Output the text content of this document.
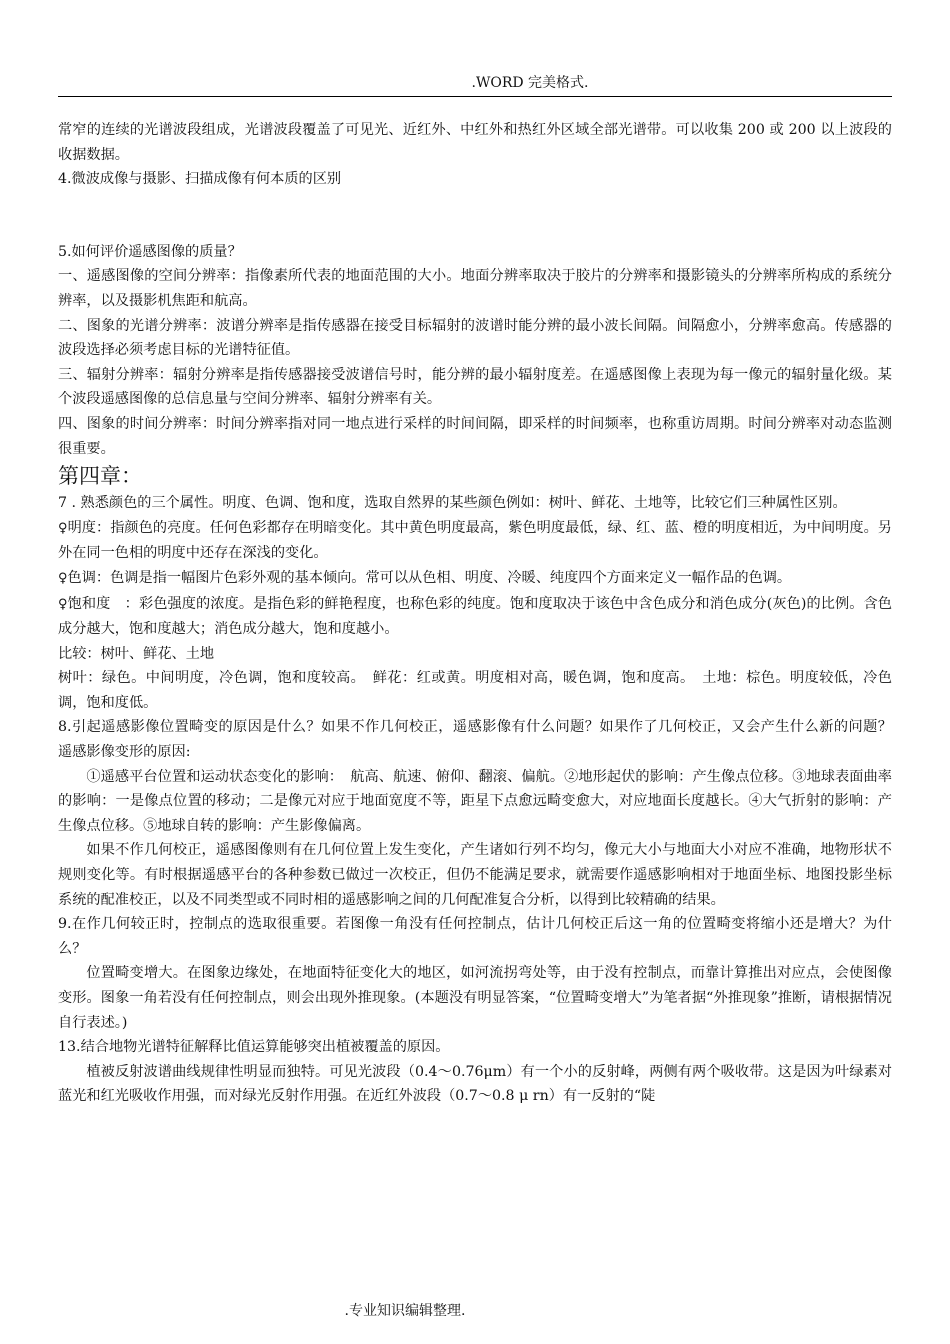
.WORD 完美格式.

常窄的连续的光谱波段组成，光谱波段覆盖了可见光、近红外、中红外和热红外区域全部光谱带。可以收集 200 或 200 以上波段的收据数据。

4.微波成像与摄影、扫描成像有何本质的区别

5.如何评价遥感图像的质量？

一、遥感图像的空间分辨率：指像素所代表的地面范围的大小。地面分辨率取决于胶片的分辨率和摄影镜头的分辨率所构成的系统分辨率，以及摄影机焦距和航高。

二、图象的光谱分辨率：波谱分辨率是指传感器在接受目标辐射的波谱时能分辨的最小波长间隔。间隔愈小，分辨率愈高。传感器的波段选择必须考虑目标的光谱特征值。

三、辐射分辨率：辐射分辨率是指传感器接受波谱信号时，能分辨的最小辐射度差。在遥感图像上表现为每一像元的辐射量化级。某个波段遥感图像的总信息量与空间分辨率、辐射分辨率有关。

四、图象的时间分辨率：时间分辨率指对同一地点进行采样的时间间隔，即采样的时间频率，也称重访周期。时间分辨率对动态监测很重要。

第四章：

7 . 熟悉颜色的三个属性。明度、色调、饱和度，选取自然界的某些颜色例如：树叶、鲜花、土地等，比较它们三种属性区别。

♀明度：指颜色的亮度。任何色彩都存在明暗变化。其中黄色明度最高，紫色明度最低，绿、红、蓝、橙的明度相近，为中间明度。另外在同一色相的明度中还存在深浅的变化。

♀色调：色调是指一幅图片色彩外观的基本倾向。常可以从色相、明度、冷暖、纯度四个方面来定义一幅作品的色调。

♀饱和度　：彩色强度的浓度。是指色彩的鲜艳程度，也称色彩的纯度。饱和度取决于该色中含色成分和消色成分(灰色)的比例。含色成分越大，饱和度越大；消色成分越大，饱和度越小。

比较：树叶、鲜花、土地

树叶：绿色。中间明度，冷色调，饱和度较高。　鲜花：红或黄。明度相对高，暖色调，饱和度高。　土地：棕色。明度较低，冷色调，饱和度低。

8.引起遥感影像位置畸变的原因是什么？如果不作几何校正，遥感影像有什么问题？如果作了几何校正，又会产生什么新的问题？　遥感影像变形的原因:

①遥感平台位置和运动状态变化的影响：　航高、航速、俯仰、翻滚、偏航。②地形起伏的影响：产生像点位移。③地球表面曲率的影响：一是像点位置的移动；二是像元对应于地面宽度不等，距星下点愈远畸变愈大，对应地面长度越长。④大气折射的影响：产生像点位移。⑤地球自转的影响：产生影像偏离。

如果不作几何校正，遥感图像则有在几何位置上发生变化，产生诸如行列不均匀，像元大小与地面大小对应不准确，地物形状不规则变化等。有时根据遥感平台的各种参数已做过一次校正，但仍不能满足要求，就需要作遥感影响相对于地面坐标、地图投影坐标系统的配准校正，以及不同类型或不同时相的遥感影响之间的几何配准复合分析，以得到比较精确的结果。

9.在作几何较正时，控制点的选取很重要。若图像一角没有任何控制点，估计几何校正后这一角的位置畸变将缩小还是增大？为什么？

位置畸变增大。在图象边缘处，在地面特征变化大的地区，如河流拐弯处等，由于没有控制点，而靠计算推出对应点，会使图像变形。图象一角若没有任何控制点，则会出现外推现象。(本题没有明显答案，“位置畸变增大”为笔者据“外推现象”推断，请根据情况自行表述。)

13.结合地物光谱特征解释比值运算能够突出植被覆盖的原因。

植被反射波谱曲线规律性明显而独特。可见光波段（0.4～0.76μm）有一个小的反射峰，两侧有两个吸收带。这是因为叶绿素对蓝光和红光吸收作用强，而对绿光反射作用强。在近红外波段（0.7～0.8 μ rn）有一反射的“陡

.专业知识编辑整理.
